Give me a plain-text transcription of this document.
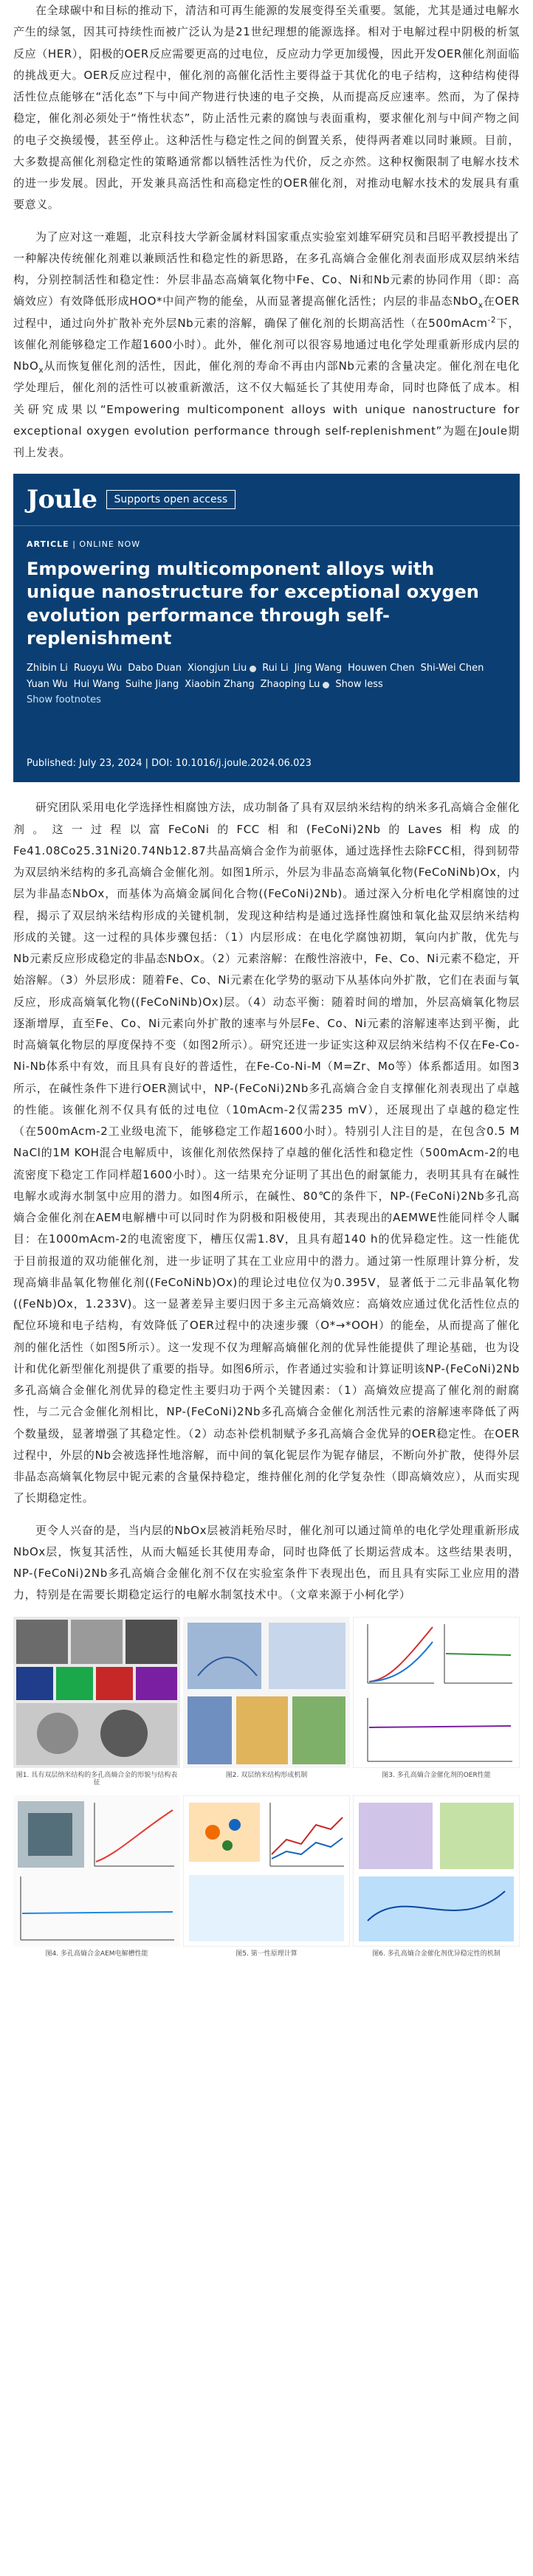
在全球碳中和目标的推动下，清洁和可再生能源的发展变得至关重要。氢能，尤其是通过电解水产生的绿氢，因其可持续性而被广泛认为是21世纪理想的能源选择。相对于电解过程中阴极的析氢反应（HER），阳极的OER反应需要更高的过电位，反应动力学更加缓慢，因此开发OER催化剂面临的挑战更大。OER反应过程中，催化剂的高催化活性主要得益于其优化的电子结构，这种结构使得活性位点能够在“活化态”下与中间产物进行快速的电子交换，从而提高反应速率。然而，为了保持稳定，催化剂必须处于“惰性状态”，防止活性元素的腐蚀与表面重构，要求催化剂与中间产物之间的电子交换缓慢，甚至停止。这种活性与稳定性之间的倒置关系，使得两者难以同时兼顾。目前，大多数提高催化剂稳定性的策略通常都以牺牲活性为代价，反之亦然。这种权衡限制了电解水技术的进一步发展。因此，开发兼具高活性和高稳定性的OER催化剂，对推动电解水技术的发展具有重要意义。

为了应对这一难题，北京科技大学新金属材料国家重点实验室刘雄军研究员和吕昭平教授提出了一种解决传统催化剂难以兼顾活性和稳定性的新思路，在多孔高熵合金催化剂表面形成双层纳米结构，分别控制活性和稳定性：外层非晶态高熵氧化物中Fe、Co、Ni和Nb元素的协同作用（即：高熵效应）有效降低形成HOO*中间产物的能垒，从而显著提高催化活性；内层的非晶态NbO$_x$在OER过程中，通过向外扩散补充外层Nb元素的溶解，确保了催化剂的长期高活性（在500mAcm$^{-2}$下，该催化剂能够稳定工作超1600小时）。此外，催化剂可以很容易地通过电化学处理重新形成内层的NbO$_x$从而恢复催化剂的活性，因此，催化剂的寿命不再由内部Nb元素的含量决定。催化剂在电化学处理后，催化剂的活性可以被重新激活，这不仅大幅延长了其使用寿命，同时也降低了成本。相关研究成果以“Empowering multicomponent alloys with unique nanostructure for exceptional oxygen evolution performance through self-replenishment”为题在Joule期刊上发表。

Joule	Supports open access
ARTICLE | ONLINE NOW
Empowering multicomponent alloys with unique nanostructure for exceptional oxygen evolution performance through self-replenishment
Zhibin Li Ruoyu Wu Dabo Duan Xiongjun Liu Rui Li Jing Wang Houwen Chen Shi-Wei Chen
Yuan Wu Hui Wang Suihe Jiang Xiaobin Zhang Zhaoping Lu Show less
Show footnotes
Published: July 23, 2024 | DOI: 10.1016/j.joule.2024.06.023

研究团队采用电化学选择性相腐蚀方法，成功制备了具有双层纳米结构的纳米多孔高熵合金催化剂。这一过程以富FeCoNi的FCC相和(FeCoNi)2Nb的Laves相构成的Fe41.08Co25.31Ni20.74Nb12.87共晶高熵合金作为前驱体，通过选择性去除FCC相，得到韧带为双层纳米结构的多孔高熵合金催化剂。如图1所示，外层为非晶态高熵氧化物(FeCoNiNb)Ox，内层为非晶态NbOx，而基体为高熵金属间化合物((FeCoNi)2Nb)。通过深入分析电化学相腐蚀的过程，揭示了双层纳米结构形成的关键机制，发现这种结构是通过选择性腐蚀和氧化盐双层纳米结构形成的关键。这一过程的具体步骤包括：（1）内层形成：在电化学腐蚀初期，氧向内扩散，优先与Nb元素反应形成稳定的非晶态NbOx。（2）元素溶解：在酸性溶液中，Fe、Co、Ni元素不稳定，开始溶解。（3）外层形成：随着Fe、Co、Ni元素在化学势的驱动下从基体向外扩散，它们在表面与氧反应，形成高熵氧化物((FeCoNiNb)Ox)层。（4）动态平衡：随着时间的增加，外层高熵氧化物层逐渐增厚，直至Fe、Co、Ni元素向外扩散的速率与外层Fe、Co、Ni元素的溶解速率达到平衡，此时高熵氧化物层的厚度保持不变（如图2所示）。研究还进一步证实这种双层纳米结构不仅在Fe-Co-Ni-Nb体系中有效，而且具有良好的普适性，在Fe-Co-Ni-M（M=Zr、Mo等）体系都适用。如图3所示，在碱性条件下进行OER测试中，NP-(FeCoNi)2Nb多孔高熵合金自支撑催化剂表现出了卓越的性能。该催化剂不仅具有低的过电位（10mAcm-2仅需235 mV），还展现出了卓越的稳定性（在500mAcm-2工业级电流下，能够稳定工作超1600小时）。特别引人注目的是，在包含0.5 M NaCl的1M KOH混合电解质中，该催化剂依然保持了卓越的催化活性和稳定性（500mAcm-2的电流密度下稳定工作同样超1600小时）。这一结果充分证明了其出色的耐氯能力，表明其具有在碱性电解水或海水制氢中应用的潜力。如图4所示，在碱性、80℃的条件下，NP-(FeCoNi)2Nb多孔高熵合金催化剂在AEM电解槽中可以同时作为阴极和阳极使用，其表现出的AEMWE性能同样令人瞩目：在1000mAcm-2的电流密度下，槽压仅需1.8V，且具有超140 h的优异稳定性。这一性能优于目前报道的双功能催化剂，进一步证明了其在工业应用中的潜力。通过第一性原理计算分析，发现高熵非晶氧化物催化剂((FeCoNiNb)Ox)的理论过电位仅为0.395V，显著低于二元非晶氧化物((FeNb)Ox，1.233V)。这一显著差异主要归因于多主元高熵效应：高熵效应通过优化活性位点的配位环境和电子结构，有效降低了OER过程中的决速步骤（O*→*OOH）的能垒，从而提高了催化剂的催化活性（如图5所示）。这一发现不仅为理解高熵催化剂的优异性能提供了理论基础，也为设计和优化新型催化剂提供了重要的指导。如图6所示，作者通过实验和计算证明该NP-(FeCoNi)2Nb多孔高熵合金催化剂优异的稳定性主要归功于两个关键因素：（1）高熵效应提高了催化剂的耐腐性，与二元合金催化剂相比，NP-(FeCoNi)2Nb多孔高熵合金催化剂活性元素的溶解速率降低了两个数量级，显著增强了其稳定性。（2）动态补偿机制赋予多孔高熵合金优异的OER稳定性。在OER过程中，外层的Nb会被选择性地溶解，而中间的氧化铌层作为铌存储层，不断向外扩散，使得外层非晶态高熵氧化物层中铌元素的含量保持稳定，维持催化剂的化学复杂性（即高熵效应），从而实现了长期稳定性。

更令人兴奋的是，当内层的NbOx层被消耗殆尽时，催化剂可以通过简单的电化学处理重新形成NbOx层，恢复其活性，从而大幅延长其使用寿命，同时也降低了长期运营成本。这些结果表明，NP-(FeCoNi)2Nb多孔高熵合金催化剂不仅在实验室条件下表现出色，而且具有实际工业应用的潜力，特别是在需要长期稳定运行的电解水制氢技术中。（文章来源于小柯化学）

图1. 具有双层纳米结构的多孔高熵合金的形貌与结构表征
图2. 双层纳米结构形成机制	图3. 多孔高熵合金催化剂的OER性能
图4. 多孔高熵合金AEM电解槽性能	图5. 第一性原理计算	图6. 多孔高熵合金催化剂优异稳定性的机制
